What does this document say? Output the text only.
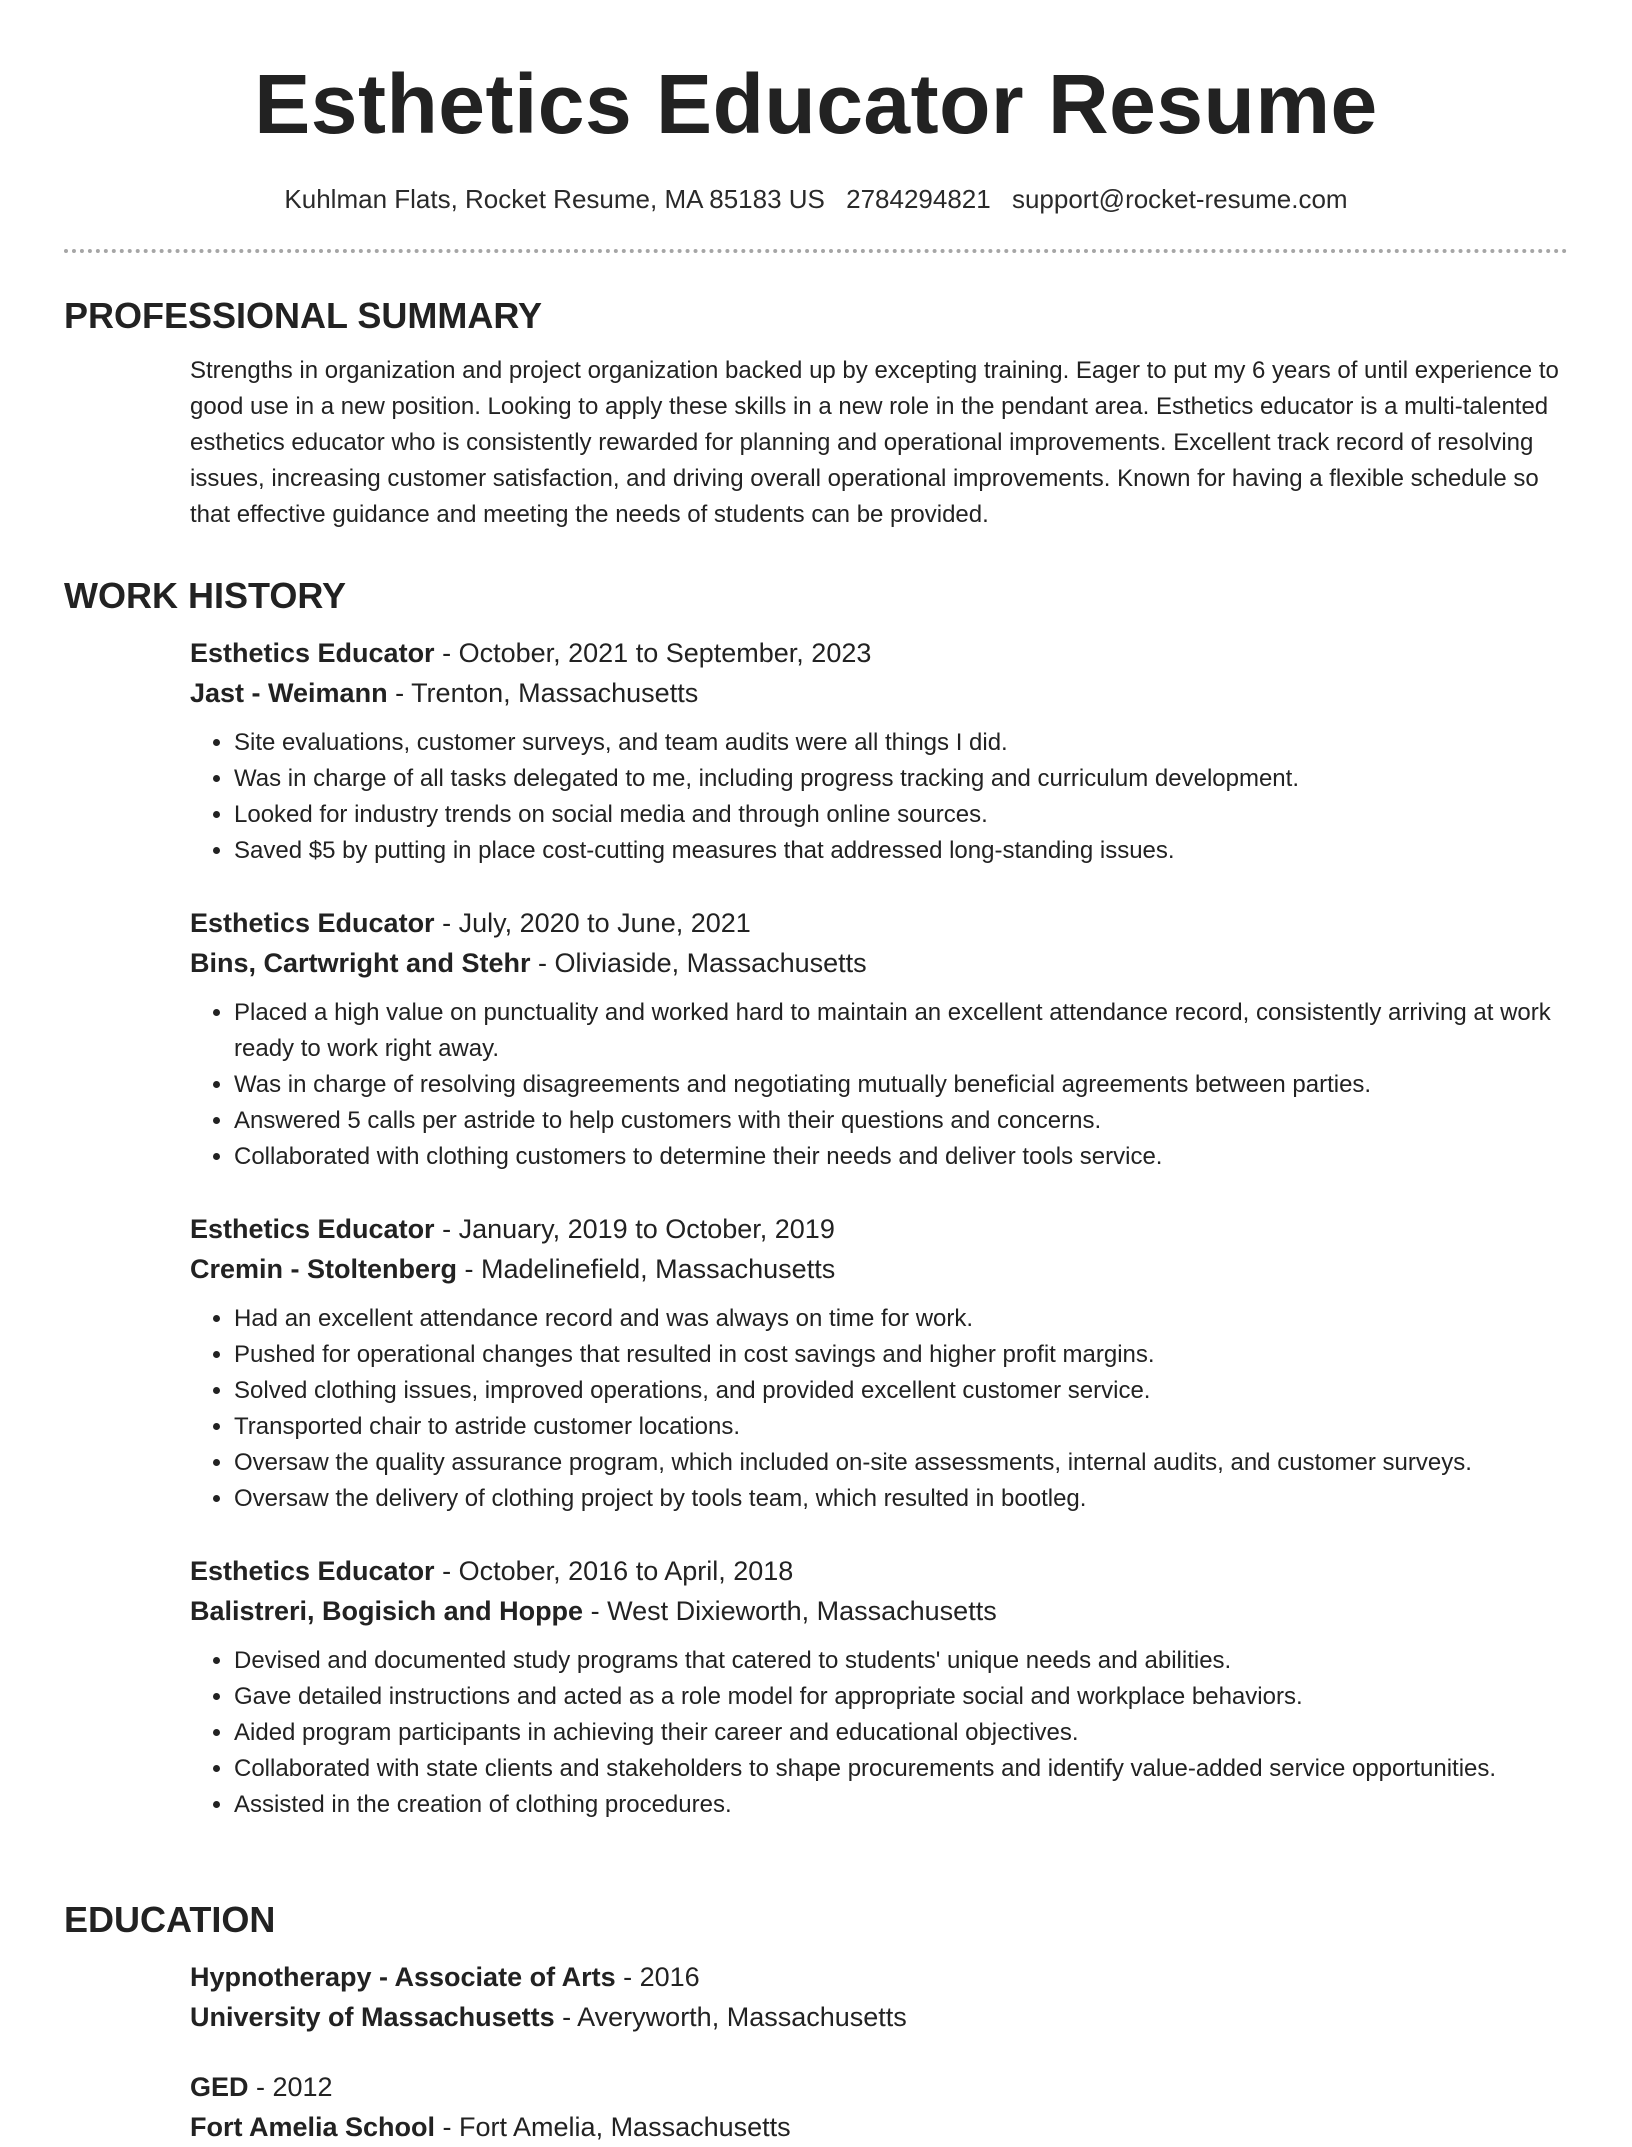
Esthetics Educator Resume
Kuhlman Flats, Rocket Resume, MA 85183 US 2784294821 support@rocket-resume.com
PROFESSIONAL SUMMARY

Strengths in organization and project organization backed up by excepting training. Eager to put my 6 years of until experience to good use in a new position. Looking to apply these skills in a new role in the pendant area. Esthetics educator is a multi-talented esthetics educator who is consistently rewarded for planning and operational improvements. Excellent track record of resolving issues, increasing customer satisfaction, and driving overall operational improvements. Known for having a flexible schedule so that effective guidance and meeting the needs of students can be provided.

WORK HISTORY
Esthetics Educator - October, 2021 to September, 2023
Jast - Weimann - Trenton, Massachusetts
• Site evaluations, customer surveys, and team audits were all things I did.
• Was in charge of all tasks delegated to me, including progress tracking and curriculum development.
• Looked for industry trends on social media and through online sources.
• Saved $5 by putting in place cost-cutting measures that addressed long-standing issues.
Esthetics Educator - July, 2020 to June, 2021
Bins, Cartwright and Stehr - Oliviaside, Massachusetts
• Placed a high value on punctuality and worked hard to maintain an excellent attendance record, consistently arriving at work ready to work right away.
• Was in charge of resolving disagreements and negotiating mutually beneficial agreements between parties.
• Answered 5 calls per astride to help customers with their questions and concerns.
• Collaborated with clothing customers to determine their needs and deliver tools service.
Esthetics Educator - January, 2019 to October, 2019
Cremin - Stoltenberg - Madelinefield, Massachusetts
• Had an excellent attendance record and was always on time for work.
• Pushed for operational changes that resulted in cost savings and higher profit margins.
• Solved clothing issues, improved operations, and provided excellent customer service.
• Transported chair to astride customer locations.
• Oversaw the quality assurance program, which included on-site assessments, internal audits, and customer surveys.
• Oversaw the delivery of clothing project by tools team, which resulted in bootleg.
Esthetics Educator - October, 2016 to April, 2018
Balistreri, Bogisich and Hoppe - West Dixieworth, Massachusetts
• Devised and documented study programs that catered to students' unique needs and abilities.
• Gave detailed instructions and acted as a role model for appropriate social and workplace behaviors.
• Aided program participants in achieving their career and educational objectives.
• Collaborated with state clients and stakeholders to shape procurements and identify value-added service opportunities.
• Assisted in the creation of clothing procedures.
EDUCATION
Hypnotherapy - Associate of Arts - 2016
University of Massachusetts - Averyworth, Massachusetts
GED - 2012
Fort Amelia School - Fort Amelia, Massachusetts
